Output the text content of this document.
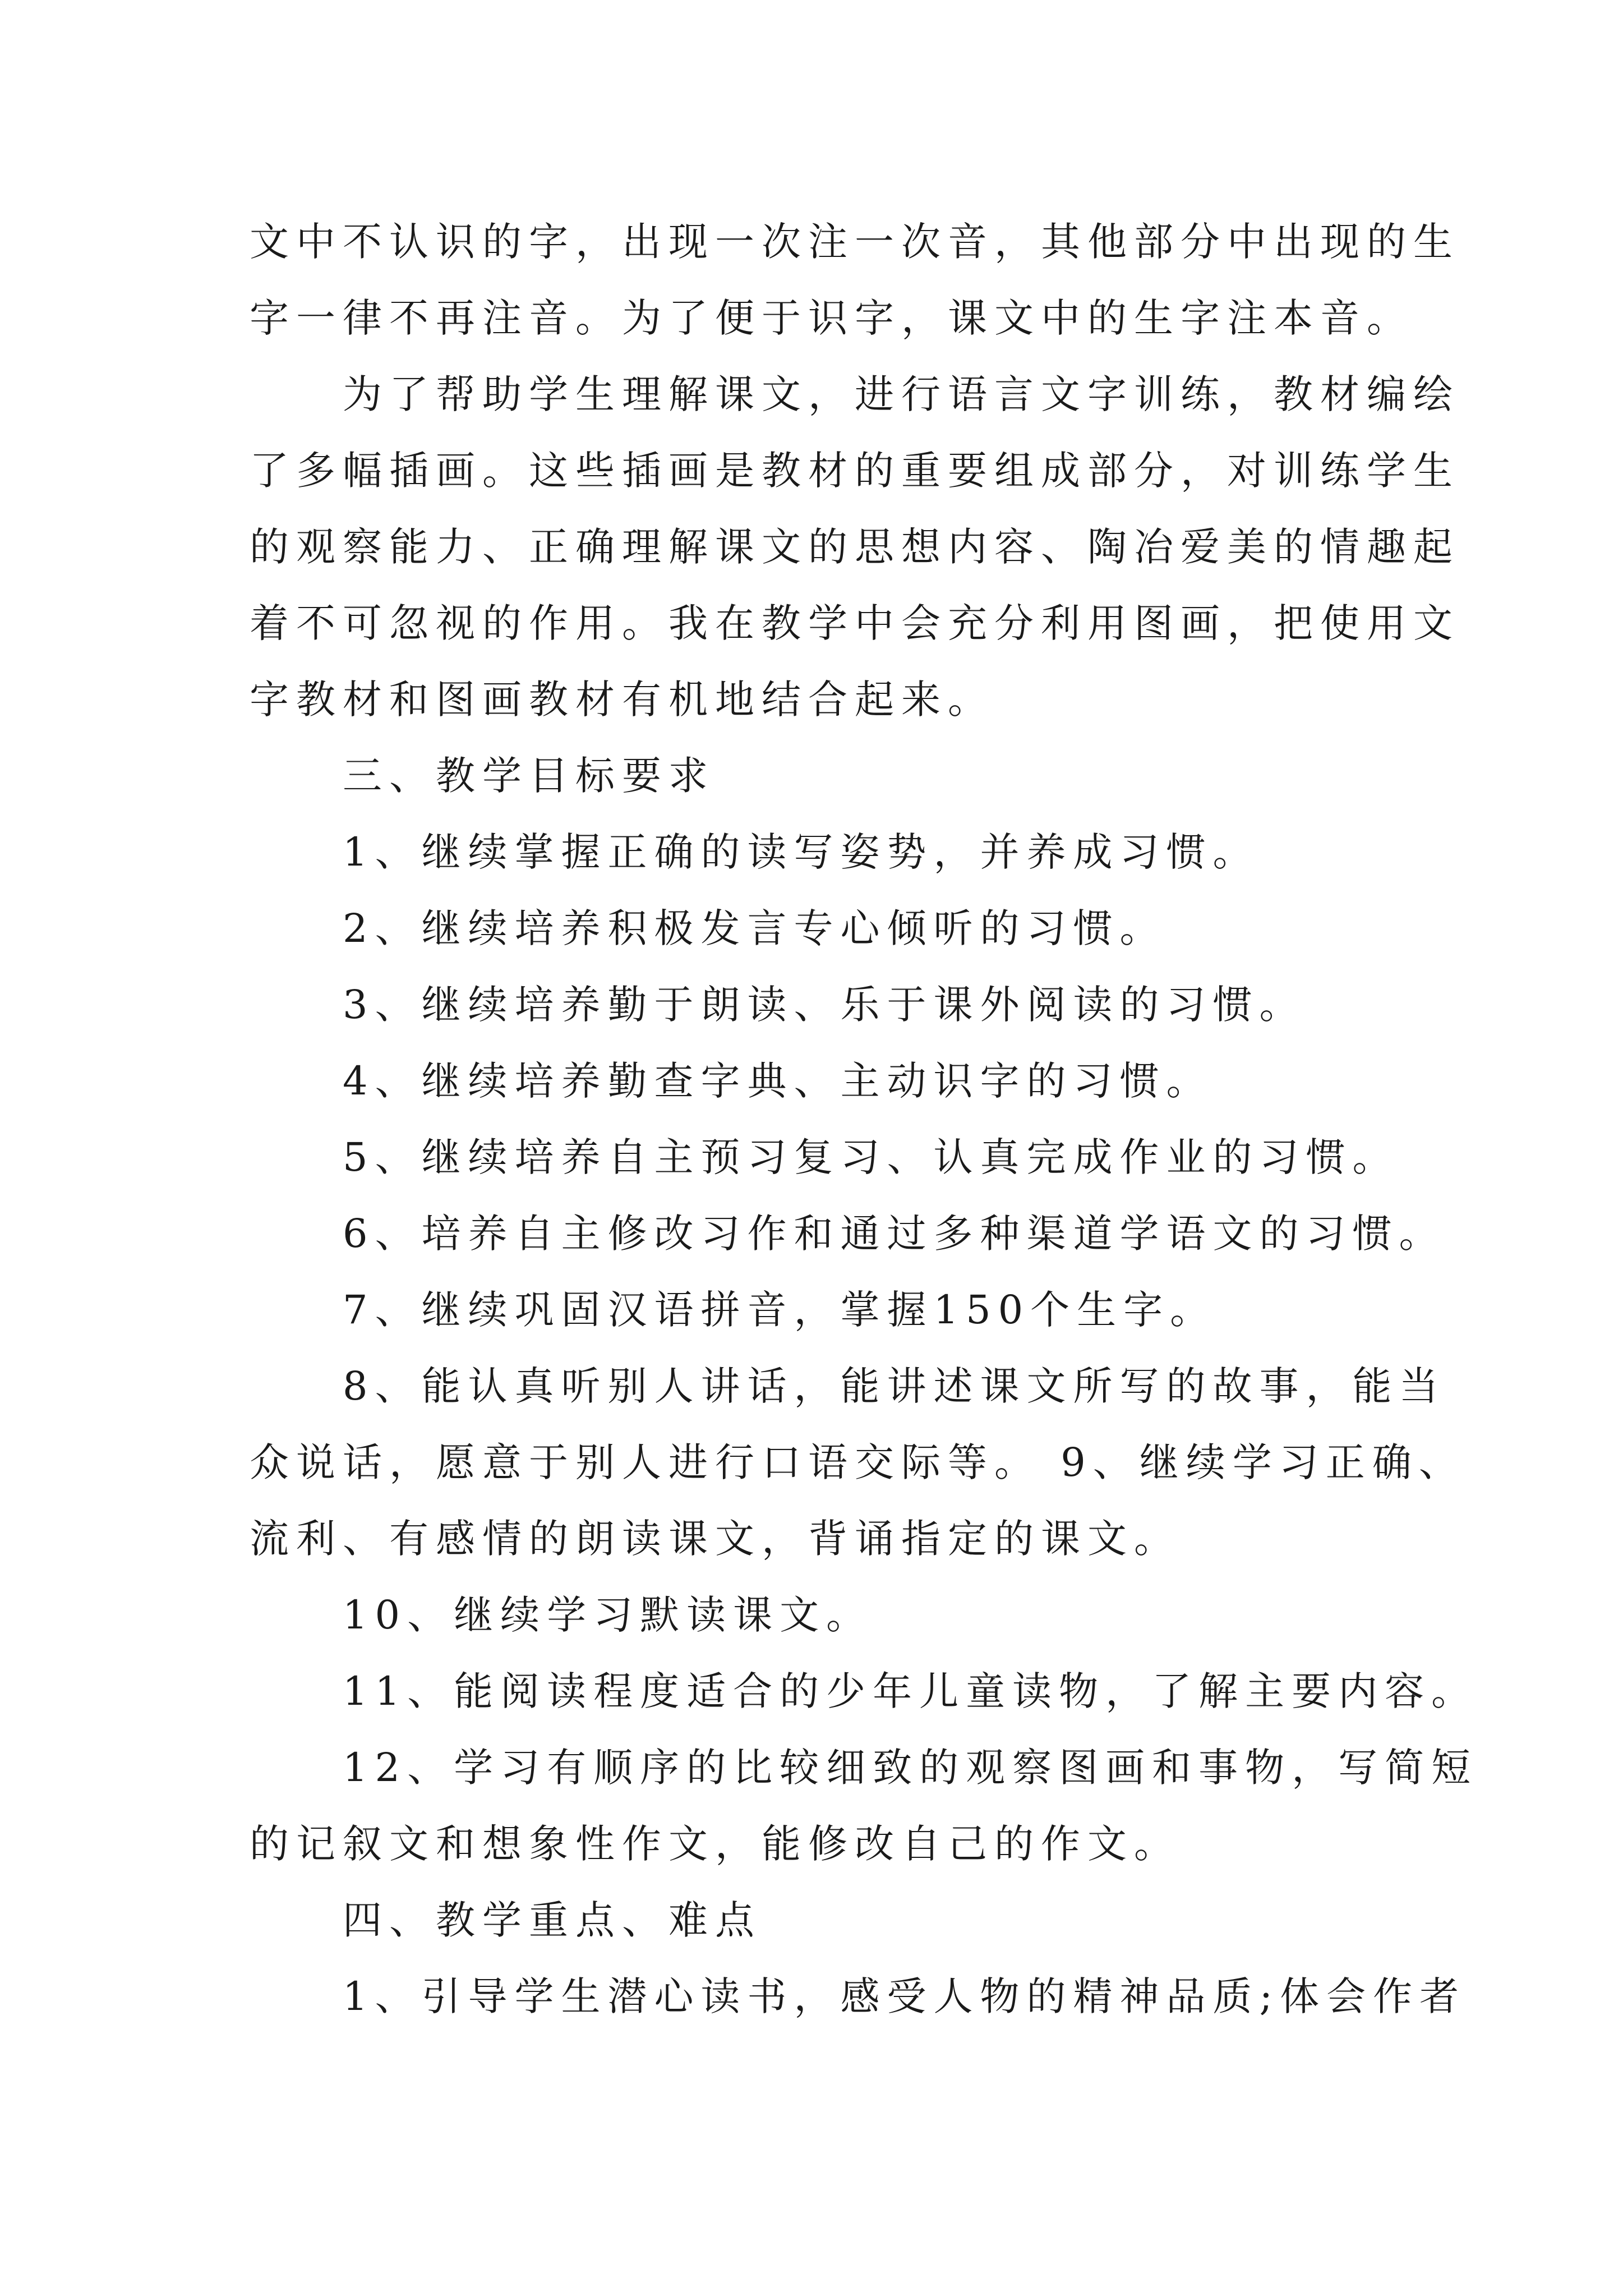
文中不认识的字，出现一次注一次音，其他部分中出现的生
字一律不再注音。为了便于识字，课文中的生字注本音。
　　为了帮助学生理解课文，进行语言文字训练，教材编绘
了多幅插画。这些插画是教材的重要组成部分，对训练学生
的观察能力、正确理解课文的思想内容、陶冶爱美的情趣起
着不可忽视的作用。我在教学中会充分利用图画，把使用文
字教材和图画教材有机地结合起来。
　　三、教学目标要求
　　1、继续掌握正确的读写姿势，并养成习惯。
　　2、继续培养积极发言专心倾听的习惯。
　　3、继续培养勤于朗读、乐于课外阅读的习惯。
　　4、继续培养勤查字典、主动识字的习惯。
　　5、继续培养自主预习复习、认真完成作业的习惯。
　　6、培养自主修改习作和通过多种渠道学语文的习惯。
　　7、继续巩固汉语拼音，掌握150个生字。
　　8、能认真听别人讲话，能讲述课文所写的故事，能当
众说话，愿意于别人进行口语交际等。 9、继续学习正确、
流利、有感情的朗读课文，背诵指定的课文。
　　10、继续学习默读课文。
　　11、能阅读程度适合的少年儿童读物，了解主要内容。
　　12、学习有顺序的比较细致的观察图画和事物，写简短
的记叙文和想象性作文，能修改自己的作文。
　　四、教学重点、难点
　　1、引导学生潜心读书，感受人物的精神品质;体会作者
